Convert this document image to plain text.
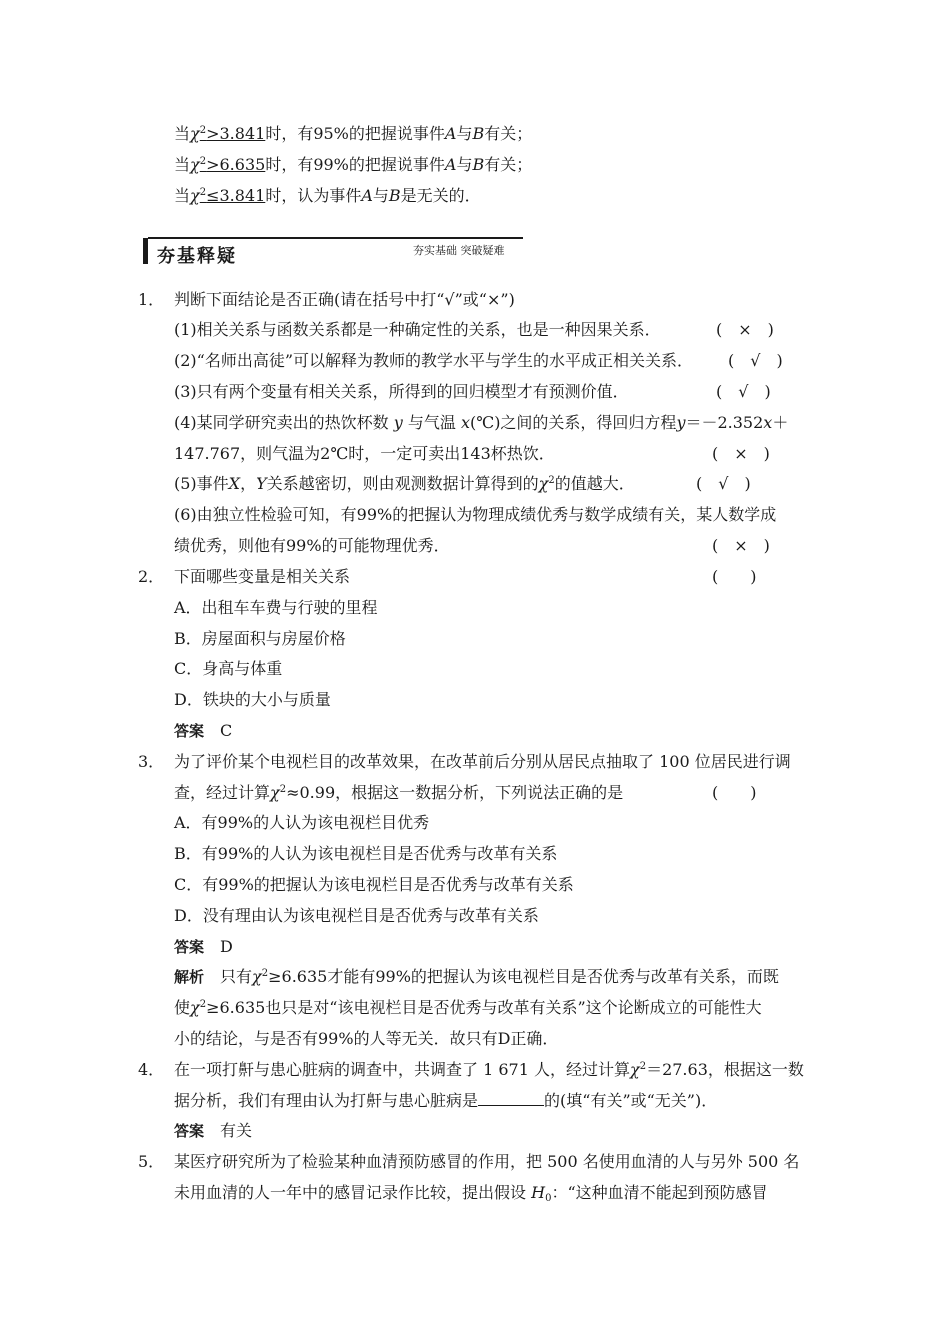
当$\chi^2>3.841$时，有95%的把握说事件A与B有关；
当$\chi^2>6.635$时，有99%的把握说事件A与B有关；
当$\chi^2\le 3.841$时，认为事件A与B是无关的．
夯基释疑	夯实基础 突破疑难
1． 判断下面结论是否正确(请在括号中打“√”或“×”)
(1)相关关系与函数关系都是一种确定性的关系，也是一种因果关系．	(　×　)
(2)“名师出高徒”可以解释为教师的教学水平与学生的水平成正相关关系． (　√　)
(3)只有两个变量有相关关系，所得到的回归模型才有预测价值．	(　√　)
(4)某同学研究卖出的热饮杯数 y 与气温 x(℃)之间的关系，得回归方程y＝－2.352x＋
147.767，则气温为2℃时，一定可卖出143杯热饮．	(　×　)
(5)事件X，Y关系越密切，则由观测数据计算得到的$\chi^2$的值越大．	(　√　)
(6)由独立性检验可知，有99%的把握认为物理成绩优秀与数学成绩有关，某人数学成
绩优秀，则他有99%的可能物理优秀．	(　×　)
2． 下面哪些变量是相关关系	(　　)
A．出租车车费与行驶的里程
B．房屋面积与房屋价格
C．身高与体重
D．铁块的大小与质量
答案　 C
3． 为了评价某个电视栏目的改革效果，在改革前后分别从居民点抽取了 100 位居民进行调
查，经过计算$\chi^2\approx 0.99$，根据这一数据分析，下列说法正确的是	(　　)
A．有99%的人认为该电视栏目优秀
B．有99%的人认为该电视栏目是否优秀与改革有关系
C．有99%的把握认为该电视栏目是否优秀与改革有关系
D．没有理由认为该电视栏目是否优秀与改革有关系
答案　 D
解析　 只有$\chi^2\ge 6.635$才能有99%的把握认为该电视栏目是否优秀与改革有关系，而既
使$\chi^2\ge 6.635$也只是对“该电视栏目是否优秀与改革有关系”这个论断成立的可能性大
小的结论，与是否有99%的人等无关．故只有D正确．
4． 在一项打鼾与患心脏病的调查中，共调查了 1 671 人，经过计算$\chi^2=27.63$，根据这一数
据分析，我们有理由认为打鼾与患心脏病是	的(填“有关”或“无关”)．
答案　 有关
5． 某医疗研究所为了检验某种血清预防感冒的作用，把 500 名使用血清的人与另外 500 名
未用血清的人一年中的感冒记录作比较，提出假设 $H_0$：“这种血清不能起到预防感冒
